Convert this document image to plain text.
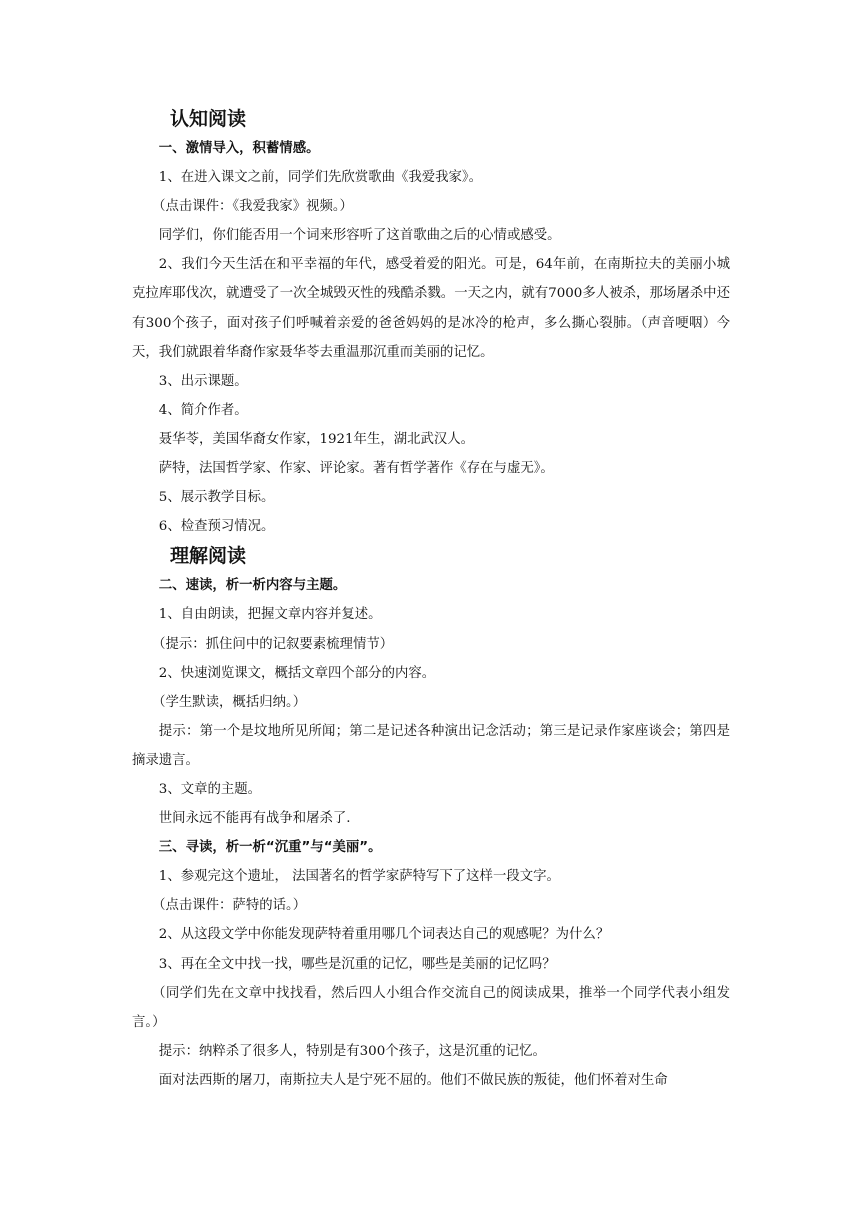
认知阅读

一、激情导入，积蓄情感。

1、在进入课文之前，同学们先欣赏歌曲《我爱我家》。

（点击课件：《我爱我家》视频。）

同学们，你们能否用一个词来形容听了这首歌曲之后的心情或感受。

2、我们今天生活在和平幸福的年代，感受着爱的阳光。可是，64年前，在南斯拉夫的美丽小城克拉库耶伐次，就遭受了一次全城毁灭性的残酷杀戮。一天之内，就有7000多人被杀，那场屠杀中还有300个孩子，面对孩子们呼喊着亲爱的爸爸妈妈的是冰冷的枪声，多么撕心裂肺。（声音哽咽）今天，我们就跟着华裔作家聂华苓去重温那沉重而美丽的记忆。

3、出示课题。

4、简介作者。

聂华苓，美国华裔女作家，1921年生，湖北武汉人。

萨特，法国哲学家、作家、评论家。著有哲学著作《存在与虚无》。

5、展示教学目标。

6、检查预习情况。

理解阅读

二、速读，析一析内容与主题。

1、自由朗读，把握文章内容并复述。

（提示：抓住问中的记叙要素梳理情节）

2、快速浏览课文，概括文章四个部分的内容。

（学生默读，概括归纳。）

提示：第一个是坟地所见所闻；第二是记述各种演出记念活动；第三是记录作家座谈会；第四是摘录遗言。

3、文章的主题。

世间永远不能再有战争和屠杀了.

三、寻读，析一析“沉重”与“美丽”。

1、参观完这个遗址， 法国著名的哲学家萨特写下了这样一段文字。

（点击课件：萨特的话。）

2、从这段文学中你能发现萨特着重用哪几个词表达自己的观感呢？为什么？

3、再在全文中找一找，哪些是沉重的记忆，哪些是美丽的记忆吗？

（同学们先在文章中找找看，然后四人小组合作交流自己的阅读成果，推举一个同学代表小组发言。）

提示：纳粹杀了很多人，特别是有300个孩子，这是沉重的记忆。

面对法西斯的屠刀，南斯拉夫人是宁死不屈的。他们不做民族的叛徒，他们怀着对生命
